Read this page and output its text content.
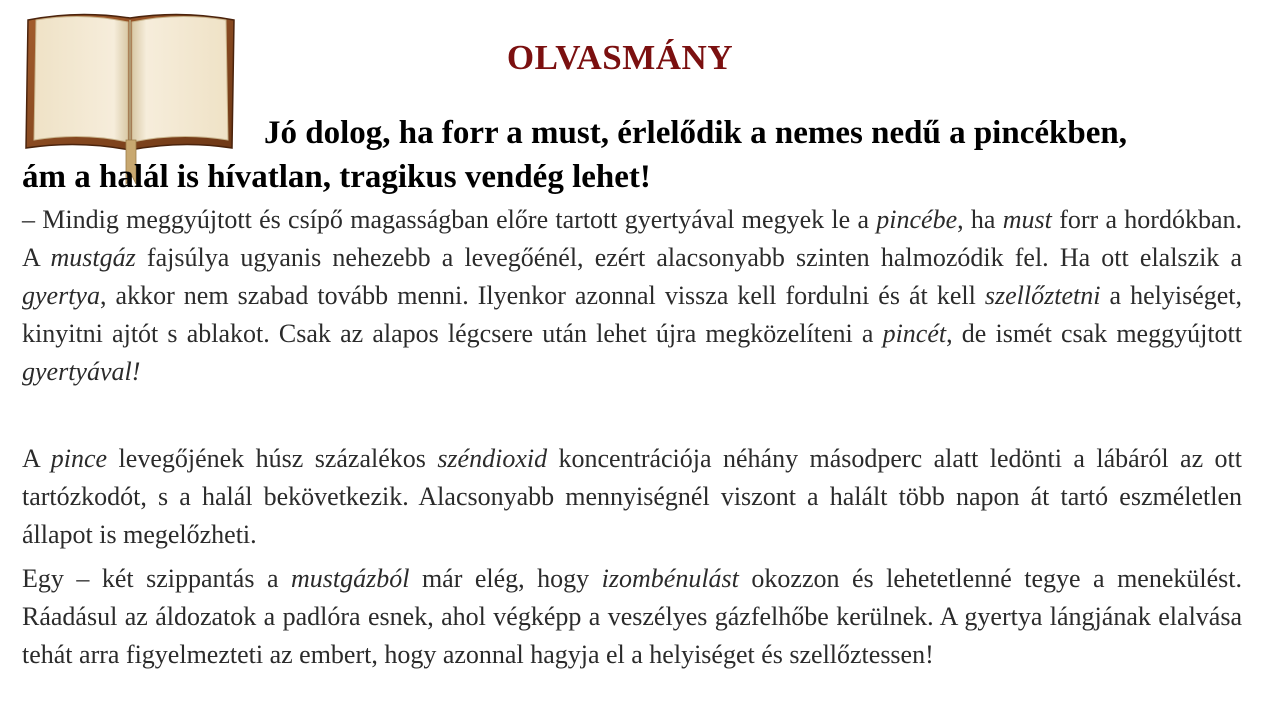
OLVASMÁNY
Jó dolog, ha forr a must, érlelődik a nemes nedű a pincékben,
ám a halál is hívatlan, tragikus vendég lehet!

– Mindig meggyújtott és csípő magasságban előre tartott gyertyával megyek le a pincébe, ha must forr a hordókban. A mustgáz fajsúlya ugyanis nehezebb a levegőénél, ezért alacsonyabb szinten halmozódik fel. Ha ott elalszik a gyertya, akkor nem szabad tovább menni. Ilyenkor azonnal vissza kell fordulni és át kell szellőztetni a helyiséget, kinyitni ajtót s ablakot. Csak az alapos légcsere után lehet újra megközelíteni a pincét, de ismét csak meggyújtott gyertyával!

A pince levegőjének húsz százalékos széndioxid koncentrációja néhány másodperc alatt ledönti a lábáról az ott tartózkodót, s a halál bekövetkezik. Alacsonyabb mennyiségnél viszont a halált több napon át tartó eszméletlen állapot is megelőzheti.

Egy – két szippantás a mustgázból már elég, hogy izombénulást okozzon és lehetetlenné tegye a menekülést. Ráadásul az áldozatok a padlóra esnek, ahol végképp a veszélyes gázfelhőbe kerülnek. A gyertya lángjának elalvása tehát arra figyelmezteti az embert, hogy azonnal hagyja el a helyiséget és szellőztessen!
